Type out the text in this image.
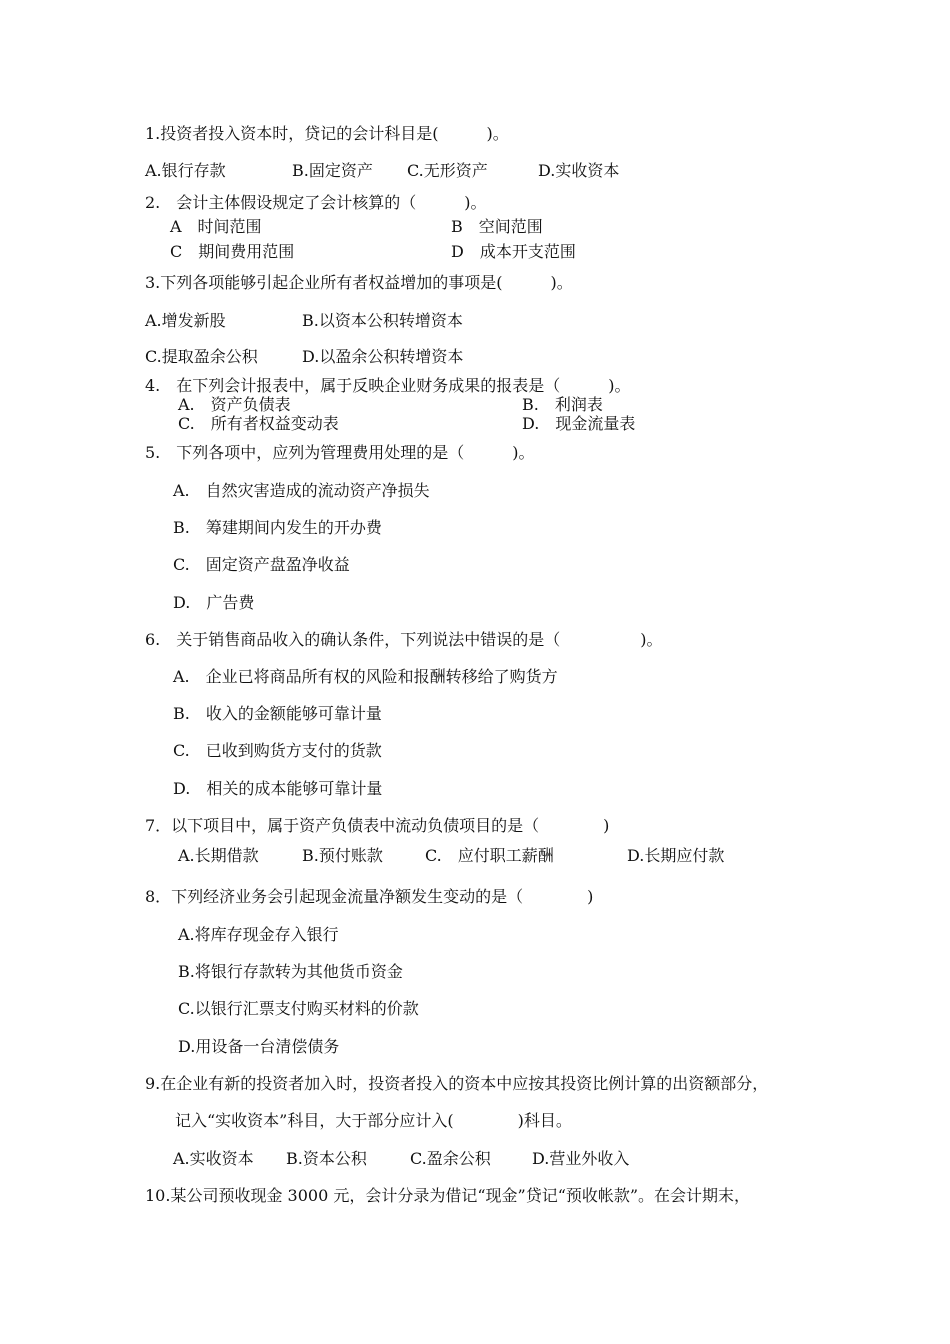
1.投资者投入资本时，贷记的会计科目是(　　　)。
A.银行存款	B.固定资产 C.无形资产	D.实收资本
2.　会计主体假设规定了会计核算的（　　　)。
A　时间范围	B　空间范围
C　期间费用范围	D　成本开支范围
3.下列各项能够引起企业所有者权益增加的事项是(　　　)。
A.增发新股	B.以资本公积转增资本
C.提取盈余公积	D.以盈余公积转增资本
4.　在下列会计报表中，属于反映企业财务成果的报表是（　　　)。
A.　资产负债表	B.　利润表
C.　所有者权益变动表	D.　现金流量表
5.　下列各项中，应列为管理费用处理的是（　　　)。
A.　自然灾害造成的流动资产净损失
B.　筹建期间内发生的开办费
C.　固定资产盘盈净收益
D.　广告费
6.　关于销售商品收入的确认条件，下列说法中错误的是（　　　　　)。
A.　企业已将商品所有权的风险和报酬转移给了购货方
B.　收入的金额能够可靠计量
C.　已收到购货方支付的货款
D.　相关的成本能够可靠计量
7．以下项目中，属于资产负债表中流动负债项目的是（　　　　)
A.长期借款	B.预付账款	C.　应付职工薪酬	D.长期应付款
8．下列经济业务会引起现金流量净额发生变动的是（　　　　)
A.将库存现金存入银行
B.将银行存款转为其他货币资金
C.以银行汇票支付购买材料的价款
D.用设备一台清偿债务
9.在企业有新的投资者加入时，投资者投入的资本中应按其投资比例计算的出资额部分，
记入“实收资本”科目，大于部分应计入(　　　　)科目。
A.实收资本 B.资本公积	C.盈余公积	D.营业外收入
10.某公司预收现金 3000 元，会计分录为借记“现金”贷记“预收帐款”。在会计期末，
